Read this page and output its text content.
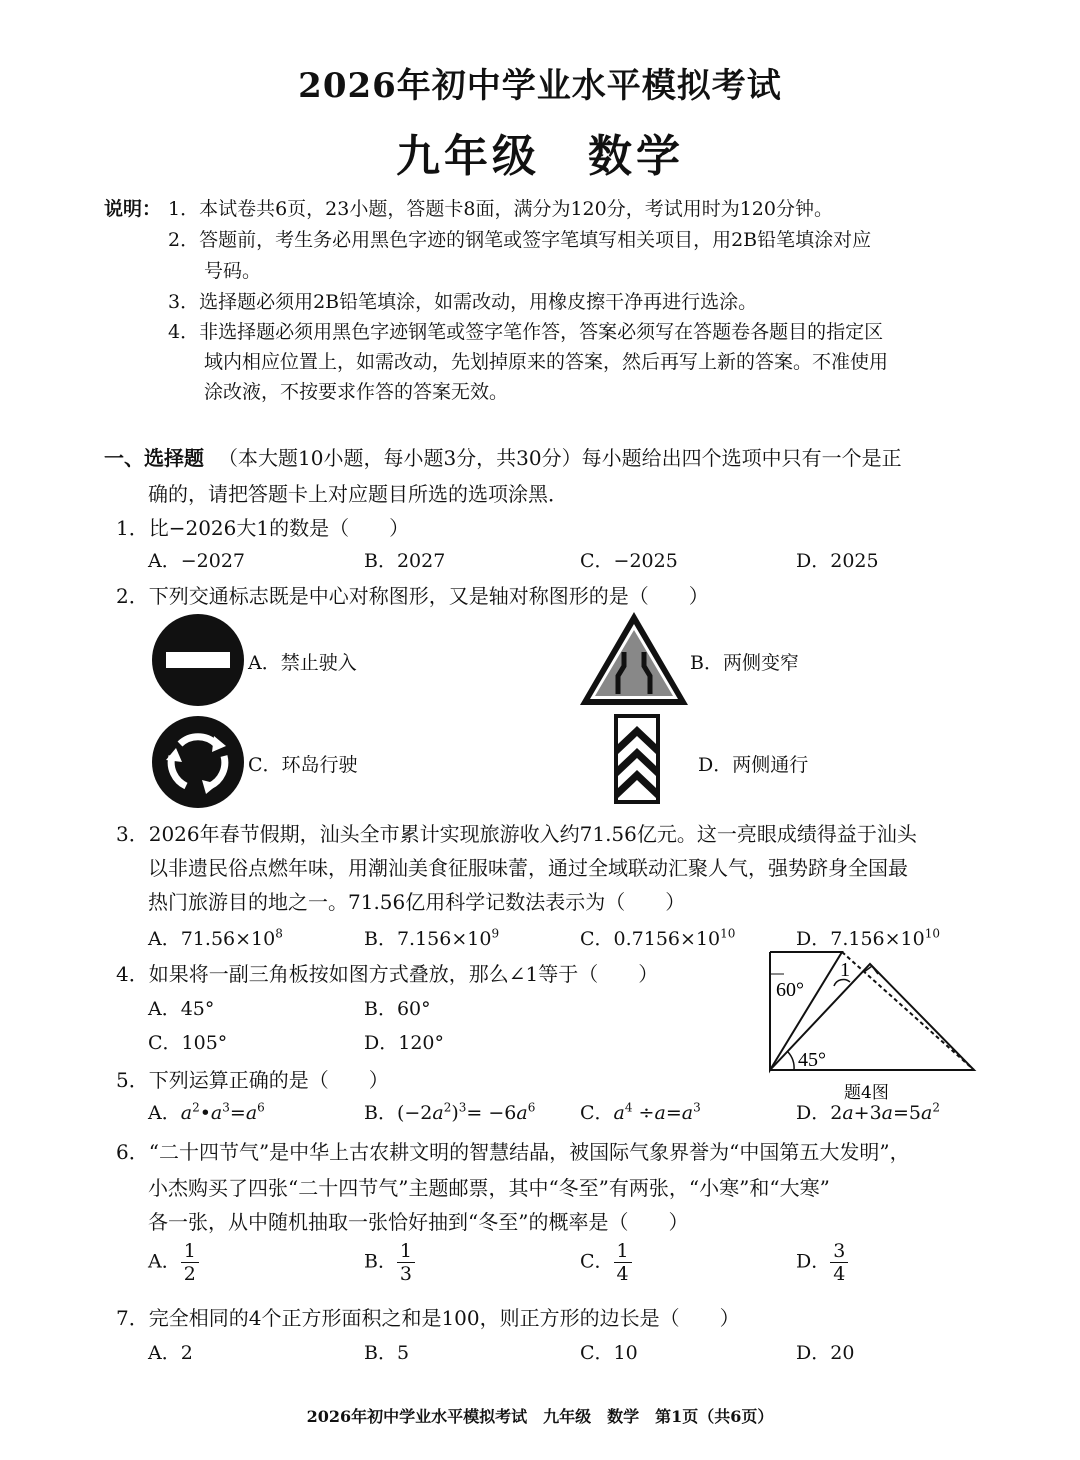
2026年初中学业水平模拟考试
九年级　数学
说明： 1．本试卷共6页，23小题，答题卡8面，满分为120分，考试用时为120分钟。
2．答题前，考生务必用黑色字迹的钢笔或签字笔填写相关项目，用2B铅笔填涂对应
号码。
3．选择题必须用2B铅笔填涂，如需改动，用橡皮擦干净再进行选涂。
4．非选择题必须用黑色字迹钢笔或签字笔作答，答案必须写在答题卷各题目的指定区
域内相应位置上，如需改动，先划掉原来的答案，然后再写上新的答案。不准使用
涂改液，不按要求作答的答案无效。
一、选择题 （本大题10小题，每小题3分，共30分）每小题给出四个选项中只有一个是正
确的，请把答题卡上对应题目所选的选项涂黑．
1．比−2026大1的数是（　　）
A．−2027	B．2027	C．−2025	D．2025
2．下列交通标志既是中心对称图形，又是轴对称图形的是（　　）
A．禁止驶入	B．两侧变窄
C．环岛行驶	D．两侧通行
3．2026年春节假期，汕头全市累计实现旅游收入约71.56亿元。这一亮眼成绩得益于汕头
以非遗民俗点燃年味，用潮汕美食征服味蕾，通过全域联动汇聚人气，强势跻身全国最
热门旅游目的地之一。71.56亿用科学记数法表示为（　　）
A．$71.56\times 10^8$	B．$7.156\times 10^9$	C．$0.7156\times 10^{10}$	D．$7.156\times 10^{10}$
4．如果将一副三角板按如图方式叠放，那么∠1等于（　　）
A．45°	B．60°
C．105°	D．120°
60°
45°
1
题4图
5．下列运算正确的是（　　）
A．$a^2•a^3=a^6$	B．$(-2a^2)^3= -6a^6$ C．$a^4 \div a=a^3$	D．$2a+3a=5a^2$
6．“二十四节气”是中华上古农耕文明的智慧结晶，被国际气象界誉为“中国第五大发明”，
小杰购买了四张“二十四节气”主题邮票，其中“冬至”有两张，“小寒”和“大寒”
各一张，从中随机抽取一张恰好抽到“冬至”的概率是（　　）
A． $\frac{1}{2}$	B． $\frac{1}{3}$	C． $\frac{1}{4}$	D． $\frac{3}{4}$
7．完全相同的4个正方形面积之和是100，则正方形的边长是（　　）
A．2	B．5	C．10	D．20
2026年初中学业水平模拟考试　九年级　数学　第1页（共6页）
